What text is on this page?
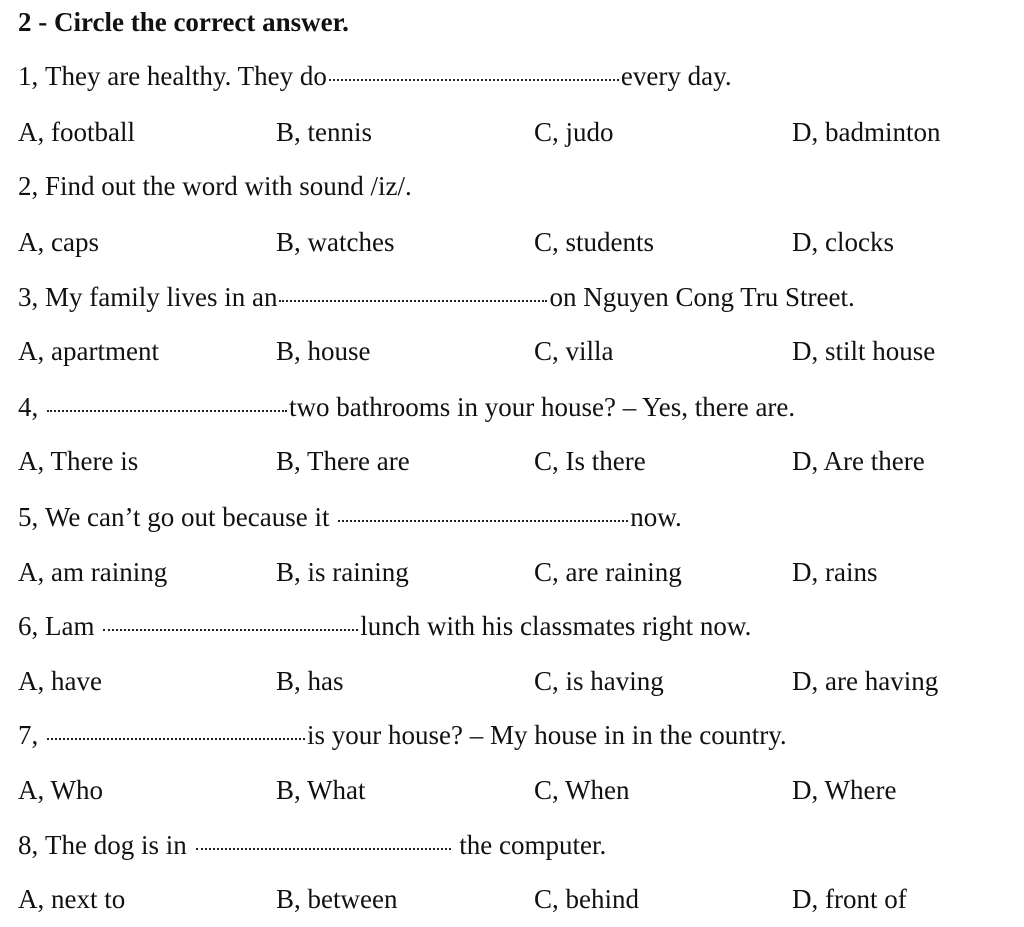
2 - Circle the correct answer.
1,
They are healthy. They do	every day.
A, football	B, tennis	C, judo	D, badminton
2,
Find out the word with sound /iz/.
A, caps	B, watches	C, students	D, clocks
3,
My family lives in an	on Nguyen Cong Tru Street.
A, apartment	B, house	C, villa	D, stilt house
4,
	two bathrooms in your house? – Yes, there are.
A, There is	B, There are	C, Is there	D, Are there
5,
We can’t go out because it
	now.
A, am raining	B, is raining	C, are raining	D, rains
6,
Lam
	lunch with his classmates right now.
A, have	B, has	C, is having	D, are having
7,
	is your house? – My house in in the country.
A, Who	B, What	C, When	D, Where
8,
The dog is in

	the computer.
A, next to	B, between	C, behind	D, front of
